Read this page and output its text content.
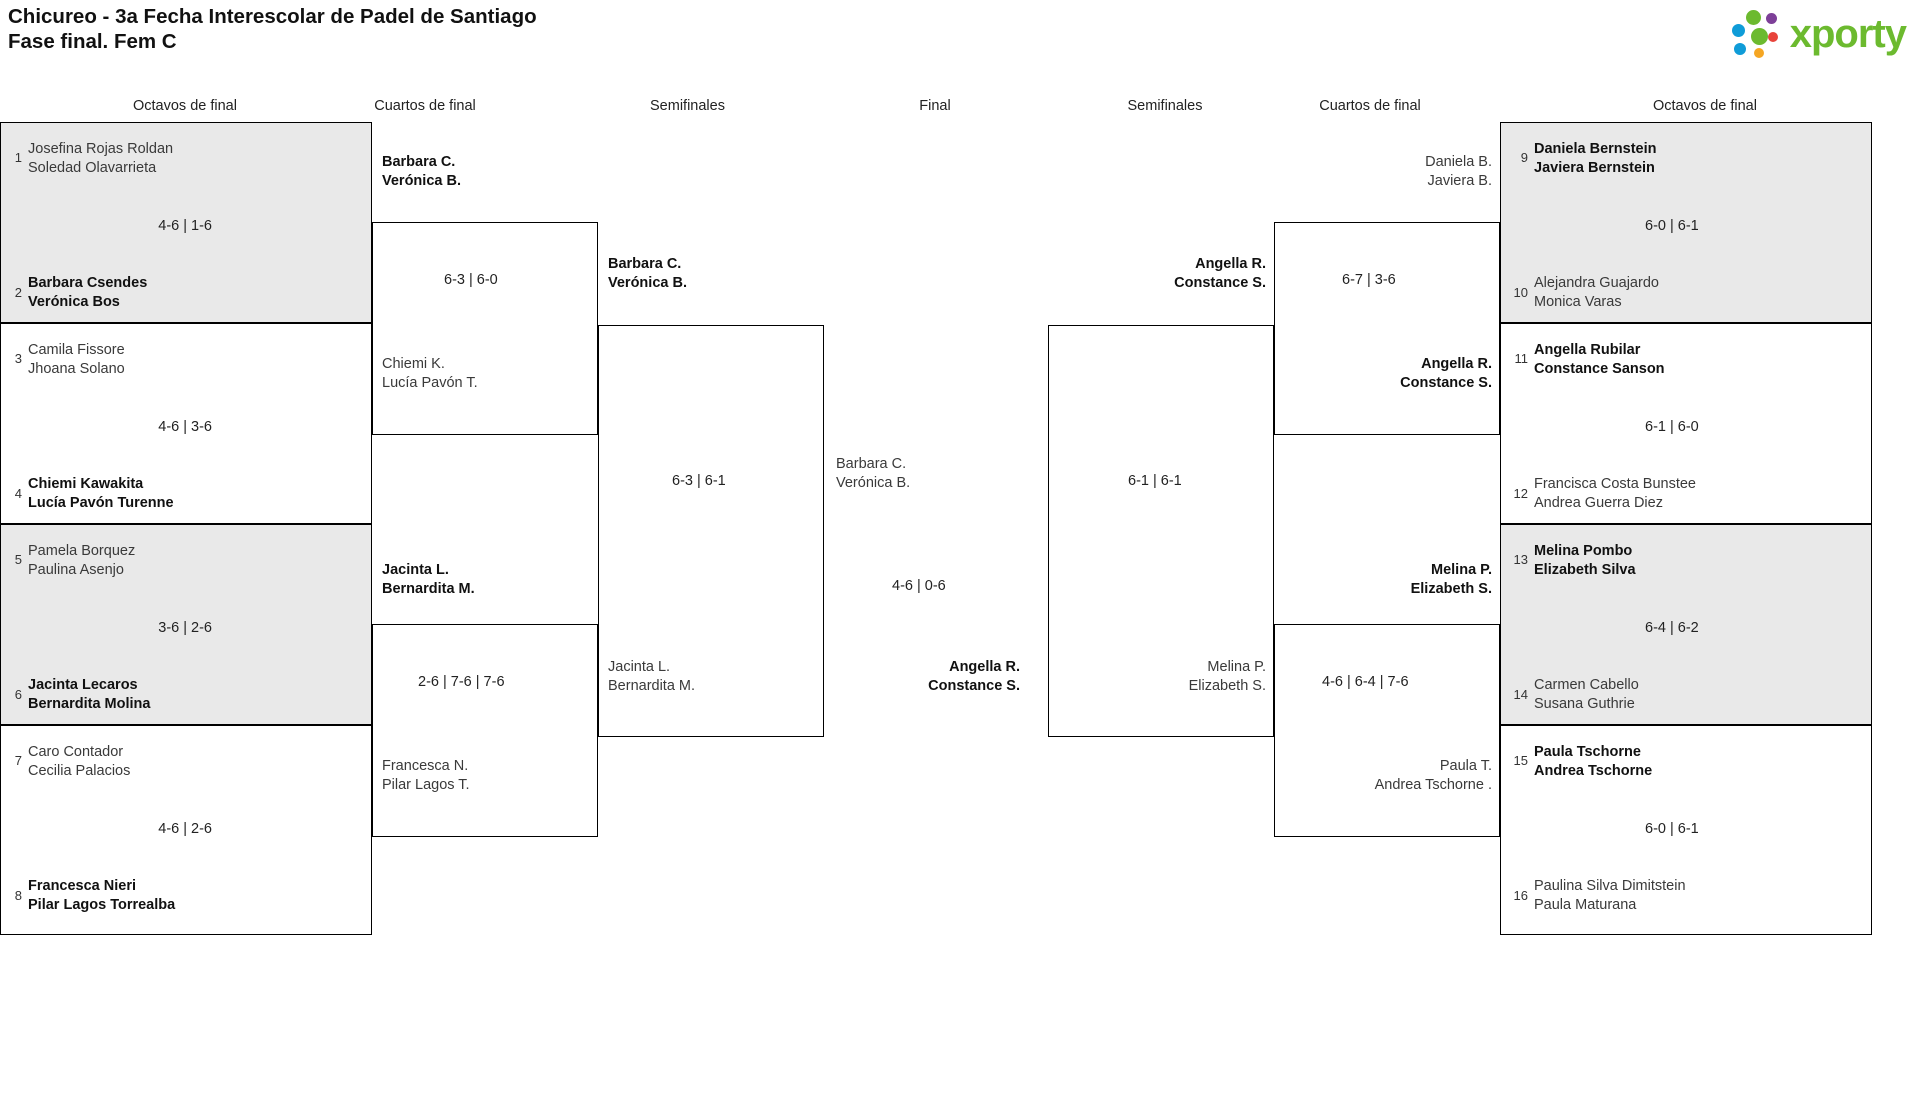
Chicureo - 3a Fecha Interescolar de Padel de Santiago
Fase final. Fem C	xporty
Octavos de final	Cuartos de final	Semifinales	Final	Semifinales	Cuartos de final	Octavos de final
1
Josefina Rojas Roldan
Soledad Olavarrieta
4-6 | 1-6
2
Barbara Csendes
Verónica Bos
3
Camila Fissore
Jhoana Solano
4-6 | 3-6
4
Chiemi Kawakita
Lucía Pavón Turenne
5
Pamela Borquez
Paulina Asenjo
3-6 | 2-6
6
Jacinta Lecaros
Bernardita Molina
7
Caro Contador
Cecilia Palacios
4-6 | 2-6
8
Francesca Nieri
Pilar Lagos Torrealba
Barbara C.
Verónica B.
6-3 | 6-0
Chiemi K.
Lucía Pavón T.
Jacinta L.
Bernardita M.
2-6 | 7-6 | 7-6
Francesca N.
Pilar Lagos T.
Barbara C.
Verónica B.
6-3 | 6-1
Jacinta L.
Bernardita M.
Barbara C.
Verónica B.
4-6 | 0-6
Angella R.
Constance S.
Angella R.
Constance S.
6-1 | 6-1
Melina P.
Elizabeth S.
Daniela B.
Javiera B.
6-7 | 3-6
Angella R.
Constance S.
Melina P.
Elizabeth S.
4-6 | 6-4 | 7-6
Paula T.
Andrea Tschorne .
9
Daniela Bernstein
Javiera Bernstein
6-0 | 6-1
10
Alejandra Guajardo
Monica Varas
11
Angella Rubilar
Constance Sanson
6-1 | 6-0
12
Francisca Costa Bunstee
Andrea Guerra Diez
13
Melina Pombo
Elizabeth Silva
6-4 | 6-2
14
Carmen Cabello
Susana Guthrie
15
Paula Tschorne
Andrea Tschorne
6-0 | 6-1
16
Paulina Silva Dimitstein
Paula Maturana
